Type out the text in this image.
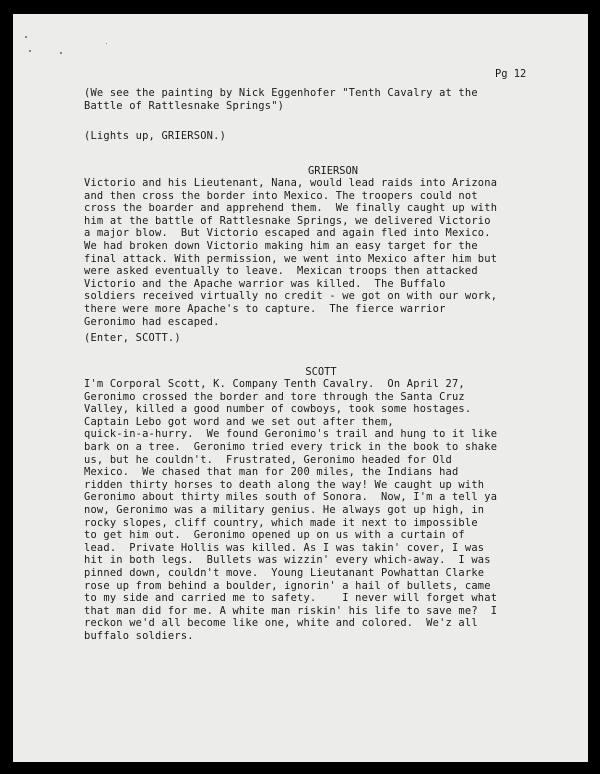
Pg 12
(We see the painting by Nick Eggenhofer "Tenth Cavalry at the
Battle of Rattlesnake Springs")
(Lights up, GRIERSON.)
GRIERSON
Victorio and his Lieutenant, Nana, would lead raids into Arizona
and then cross the border into Mexico. The troopers could not
cross the boarder and apprehend them.  We finally caught up with
him at the battle of Rattlesnake Springs, we delivered Victorio
a major blow.  But Victorio escaped and again fled into Mexico.
We had broken down Victorio making him an easy target for the
final attack. With permission, we went into Mexico after him but
were asked eventually to leave.  Mexican troops then attacked
Victorio and the Apache warrior was killed.  The Buffalo
soldiers received virtually no credit - we got on with our work,
there were more Apache's to capture.  The fierce warrior
Geronimo had escaped.
(Enter, SCOTT.)
SCOTT
I'm Corporal Scott, K. Company Tenth Cavalry.  On April 27,
Geronimo crossed the border and tore through the Santa Cruz
Valley, killed a good number of cowboys, took some hostages.
Captain Lebo got word and we set out after them,
quick-in-a-hurry.  We found Geronimo's trail and hung to it like
bark on a tree.  Geronimo tried every trick in the book to shake
us, but he couldn't.  Frustrated, Geronimo headed for Old
Mexico.  We chased that man for 200 miles, the Indians had
ridden thirty horses to death along the way! We caught up with
Geronimo about thirty miles south of Sonora.  Now, I'm a tell ya
now, Geronimo was a military genius. He always got up high, in
rocky slopes, cliff country, which made it next to impossible
to get him out.  Geronimo opened up on us with a curtain of
lead.  Private Hollis was killed. As I was takin' cover, I was
hit in both legs.  Bullets was wizzin' every which-away.  I was
pinned down, couldn't move.  Young Lieutanant Powhattan Clarke
rose up from behind a boulder, ignorin' a hail of bullets, came
to my side and carried me to safety.    I never will forget what
that man did for me. A white man riskin' his life to save me?  I
reckon we'd all become like one, white and colored.  We'z all
buffalo soldiers.
